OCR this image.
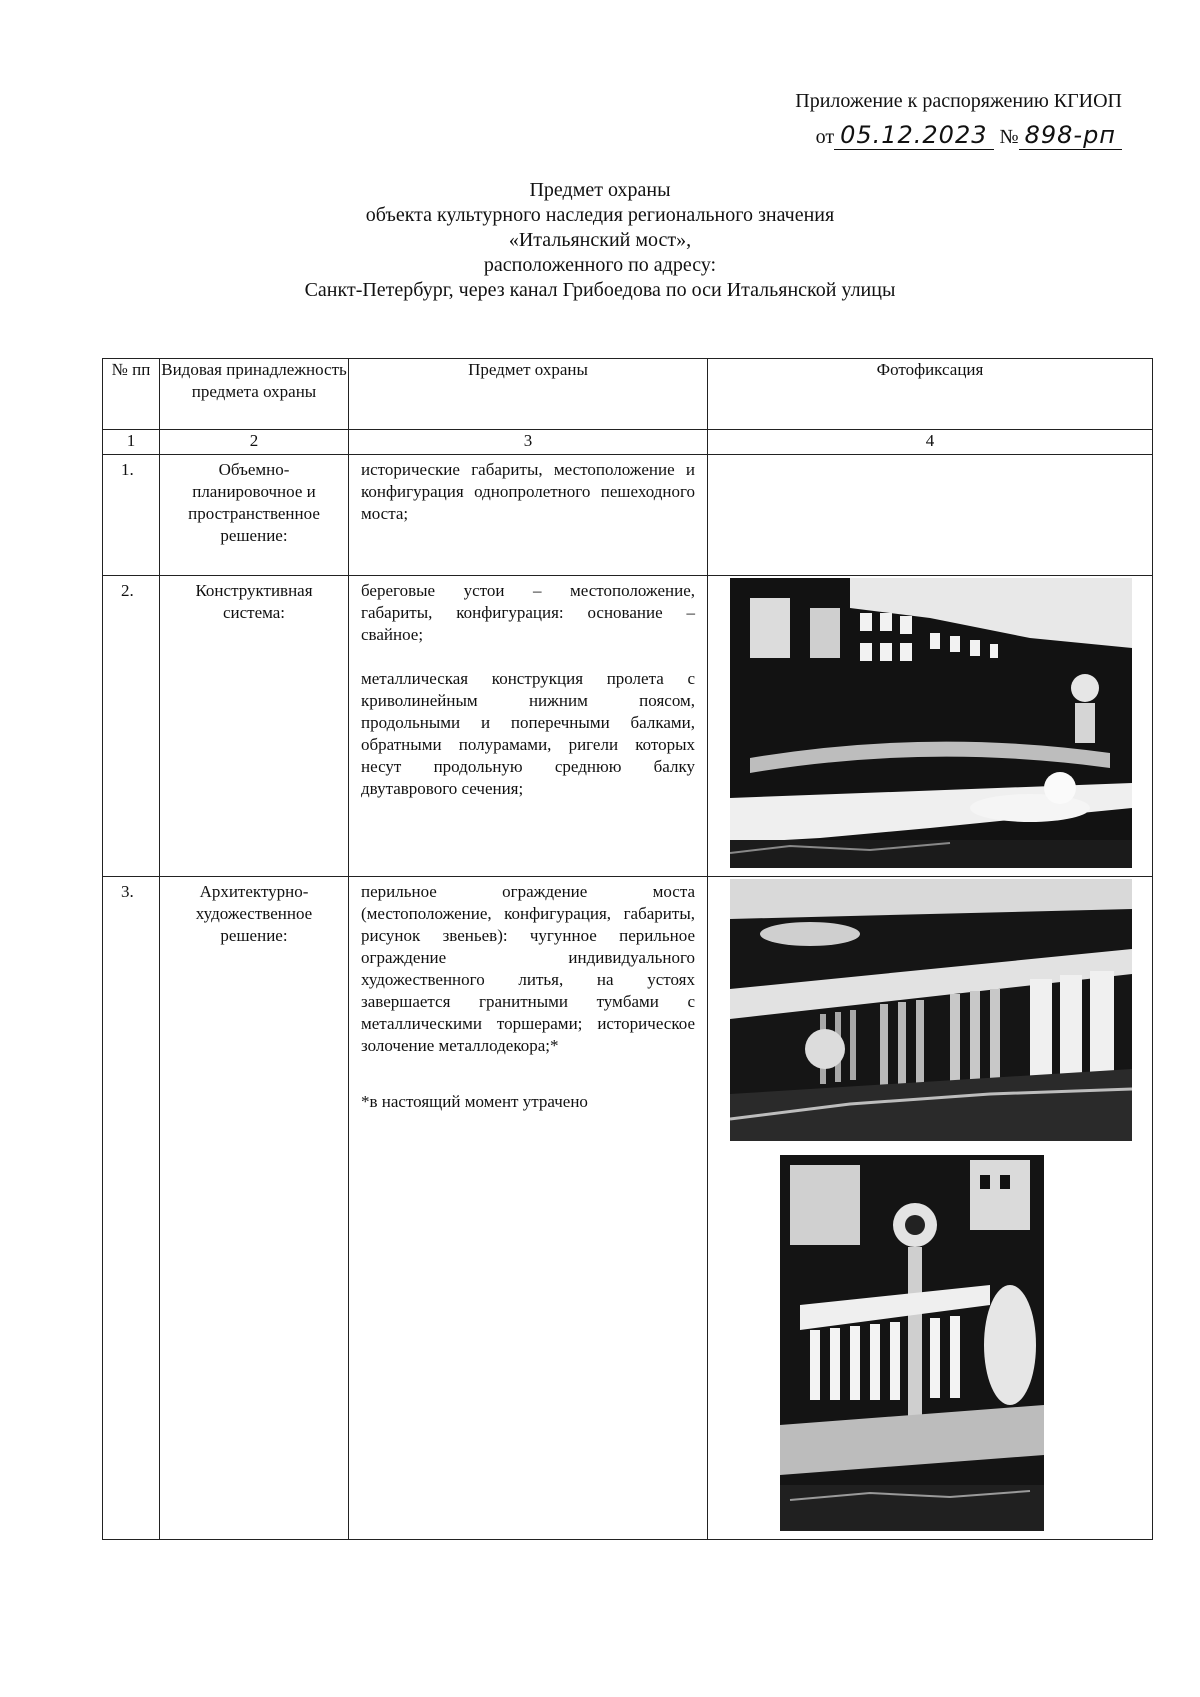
Приложение к распоряжению КГИОП
от 05.12.2023 № 898-рп
Предмет охраны
объекта культурного наследия регионального значения
«Итальянский мост»,
расположенного по адресу:
Санкт-Петербург, через канал Грибоедова по оси Итальянской улицы
№ пп	Видовая принадлежность предмета охраны	Предмет охраны	Фотофиксация
1	2	3	4
1.	Объемно-планировочное и пространственное решение:	исторические габариты, местоположение и конфигурация однопролетного пешеходного моста;	

2.	Конструктивная система:	береговые устои – местоположение, габариты, конфигурация: основание – свайное;

металлическая конструкция пролета с криволинейным нижним поясом, продольными и поперечными балками, обратными полурамами, ригели которых несут продольную среднюю балку двутаврового сечения;

3.	Архитектурно-художественное решение:	перильное ограждение моста (местоположение, конфигурация, габариты, рисунок звеньев): чугунное перильное ограждение индивидуального художественного литья, на устоях завершается гранитными тумбами с металлическими торшерами; историческое золочение металлодекора;*

*в настоящий момент утрачено
